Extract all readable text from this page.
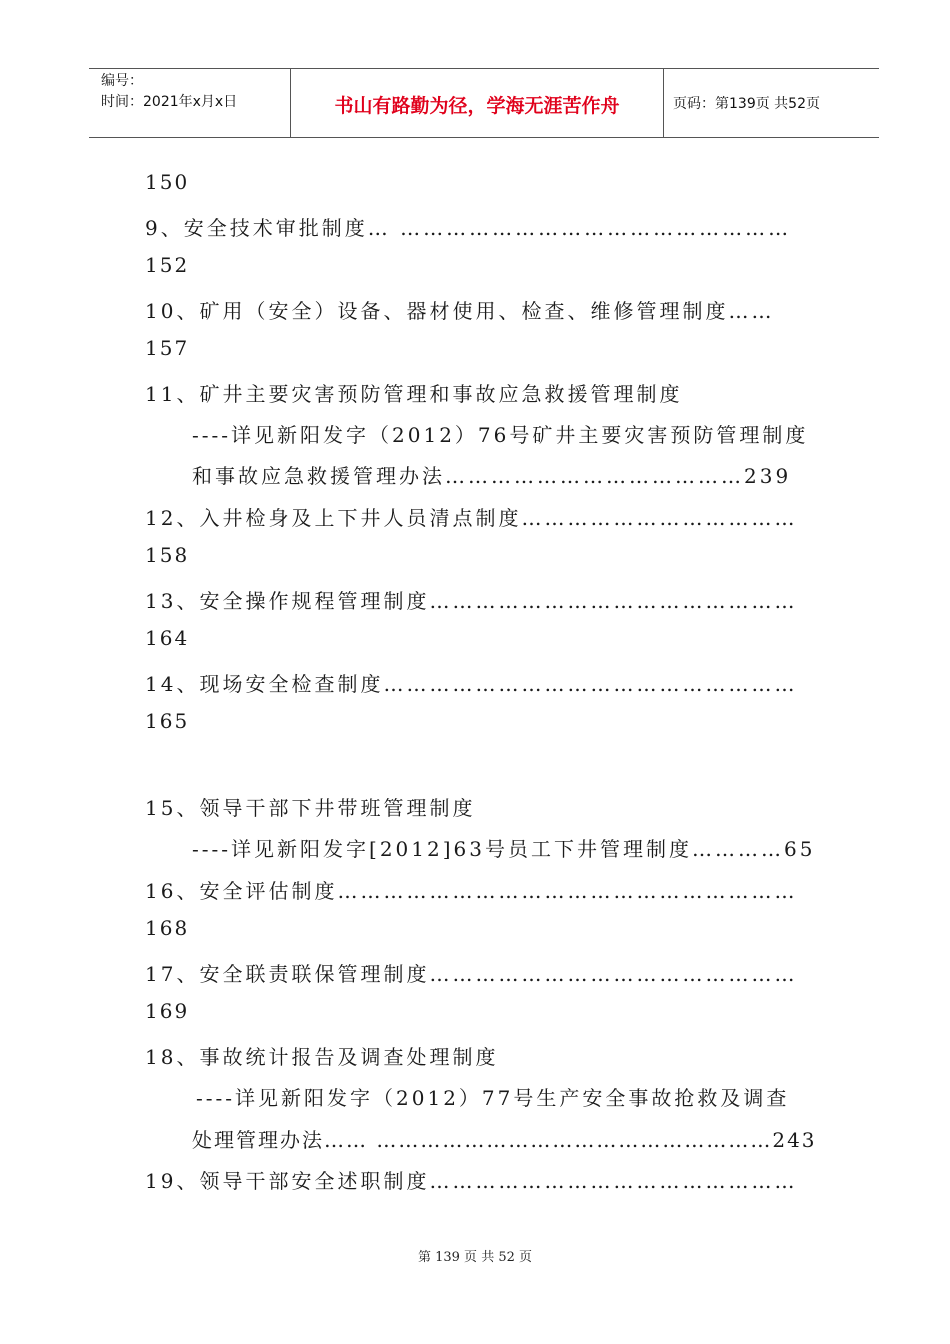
编号：
时间：2021年x月x日	书山有路勤为径，学海无涯苦作舟	页码：第139页 共52页
150
9、安全技术审批制度… ……………………………………………
152
10、矿用（安全）设备、器材使用、检查、维修管理制度……
157
11、矿井主要灾害预防管理和事故应急救援管理制度
----详见新阳发字（2012）76号矿井主要灾害预防管理制度
和事故应急救援管理办法…………………………………239
12、入井检身及上下井人员清点制度………………………………
158
13、安全操作规程管理制度…………………………………………
164
14、现场安全检查制度………………………………………………
165
15、领导干部下井带班管理制度
----详见新阳发字[2012]63号员工下井管理制度…………65
16、安全评估制度……………………………………………………
168
17、安全联责联保管理制度…………………………………………
169
18、事故统计报告及调查处理制度
----详见新阳发字（2012）77号生产安全事故抢救及调查
处理管理办法…… ………………………………………………243
19、领导干部安全述职制度…………………………………………
第 139 页 共 52 页
